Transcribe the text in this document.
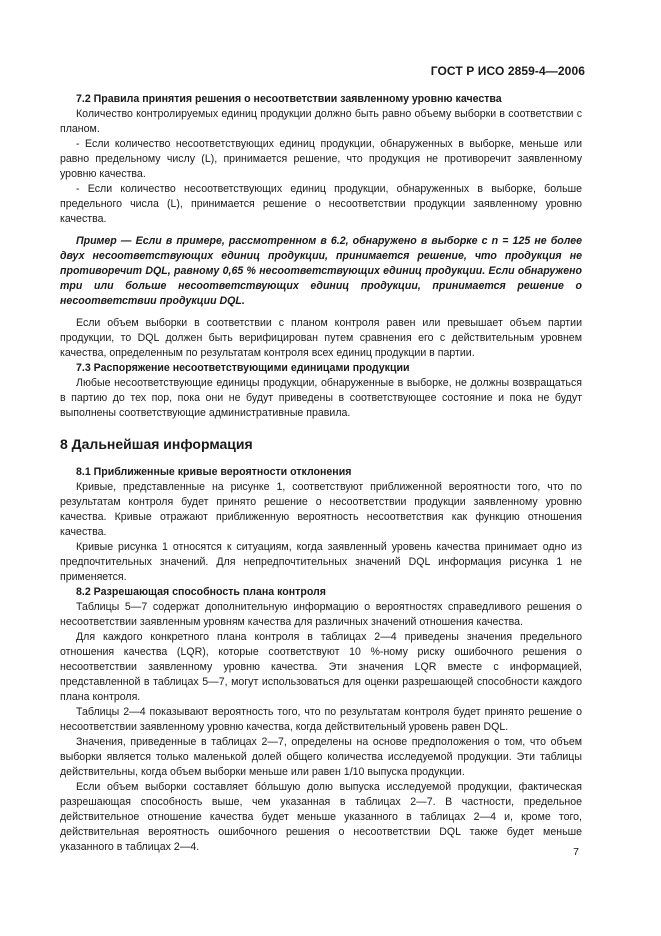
ГОСТ Р ИСО 2859-4—2006

7.2 Правила принятия решения о несоответствии заявленному уровню качества

Количество контролируемых единиц продукции должно быть равно объему выборки в соответствии с планом.

- Если количество несоответствующих единиц продукции, обнаруженных в выборке, меньше или равно предельному числу (L), принимается решение, что продукция не противоречит заявленному уровню качества.

- Если количество несоответствующих единиц продукции, обнаруженных в выборке, больше предельного числа (L), принимается решение о несоответствии продукции заявленному уровню качества.

Пример — Если в примере, рассмотренном в 6.2, обнаружено в выборке с n = 125 не более двух несоответствующих единиц продукции, принимается решение, что продукция не противоречит DQL, равному 0,65 % несоответствующих единиц продукции. Если обнаружено три или больше несоответствующих единиц продукции, принимается решение о несоответствии продукции DQL.

Если объем выборки в соответствии с планом контроля равен или превышает объем партии продукции, то DQL должен быть верифицирован путем сравнения его с действительным уровнем качества, определенным по результатам контроля всех единиц продукции в партии.

7.3 Распоряжение несоответствующими единицами продукции

Любые несоответствующие единицы продукции, обнаруженные в выборке, не должны возвращаться в партию до тех пор, пока они не будут приведены в соответствующее состояние и пока не будут выполнены соответствующие административные правила.

8 Дальнейшая информация

8.1 Приближенные кривые вероятности отклонения

Кривые, представленные на рисунке 1, соответствуют приближенной вероятности того, что по результатам контроля будет принято решение о несоответствии продукции заявленному уровню качества. Кривые отражают приближенную вероятность несоответствия как функцию отношения качества.

Кривые рисунка 1 относятся к ситуациям, когда заявленный уровень качества принимает одно из предпочтительных значений. Для непредпочтительных значений DQL информация рисунка 1 не применяется.

8.2 Разрешающая способность плана контроля

Таблицы 5—7 содержат дополнительную информацию о вероятностях справедливого решения о несоответствии заявленным уровням качества для различных значений отношения качества.

Для каждого конкретного плана контроля в таблицах 2—4 приведены значения предельного отношения качества (LQR), которые соответствуют 10 %-ному риску ошибочного решения о несоответствии заявленному уровню качества. Эти значения LQR вместе с информацией, представленной в таблицах 5—7, могут использоваться для оценки разрешающей способности каждого плана контроля.

Таблицы 2—4 показывают вероятность того, что по результатам контроля будет принято решение о несоответствии заявленному уровню качества, когда действительный уровень равен DQL.

Значения, приведенные в таблицах 2—7, определены на основе предположения о том, что объем выборки является только маленькой долей общего количества исследуемой продукции. Эти таблицы действительны, когда объем выборки меньше или равен 1/10 выпуска продукции.

Если объем выборки составляет бо́льшую долю выпуска исследуемой продукции, фактическая разрешающая способность выше, чем указанная в таблицах 2—7. В частности, предельное действительное отношение качества будет меньше указанного в таблицах 2—4 и, кроме того, действительная вероятность ошибочного решения о несоответствии DQL также будет меньше указанного в таблицах 2—4.	7
